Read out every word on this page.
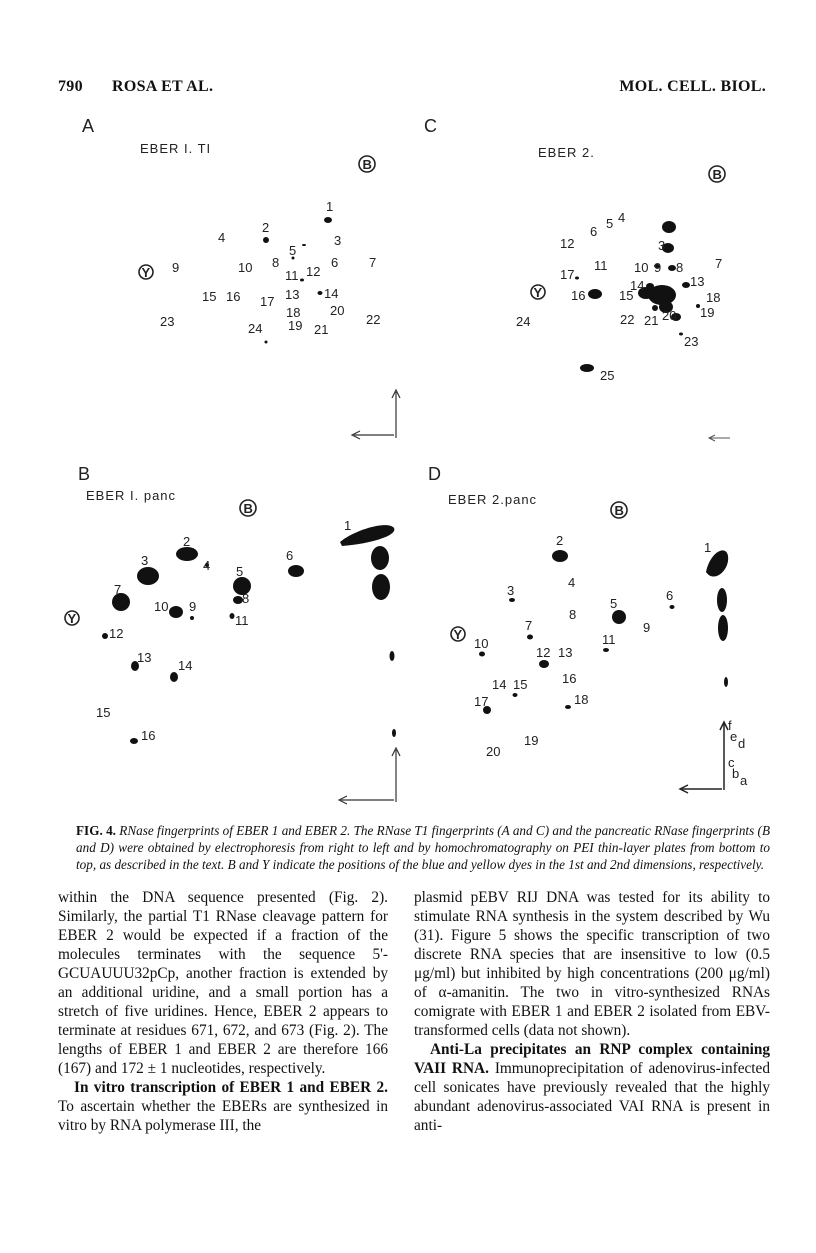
790 ROSA ET AL.	MOL. CELL. BIOL.
A
EBER I. TI
B
Y
1
2
3
4
5
6 7
8
9	10
11 12
13 14
15 16 17
18
19
20
21
22
23	24
C
EBER 2.
B
Y
3
4
5
6
7
8
9
10
11
12
13
14
15
16
17
18
19
20
21
22
23
24
25
B
EBER I. panc
B
Y
1
2
3	4 5
6
7
8
9
10
11
12
13
14
15
16
D
EBER 2.panc
B
Y
1
2
3
4
5
6
7
8
9
10	11
12 13
14 15	16
17	18
19
20
f
e d
c
b a
FIG. 4. RNase fingerprints of EBER 1 and EBER 2. The RNase T1 fingerprints (A and C) and the pancreatic RNase fingerprints (B and D) were obtained by electrophoresis from right to left and by homochromatography on PEI thin-layer plates from bottom to top, as described in the text. B and Y indicate the positions of the blue and yellow dyes in the 1st and 2nd dimensions, respectively.

within the DNA sequence presented (Fig. 2). Similarly, the partial T1 RNase cleavage pattern for EBER 2 would be expected if a fraction of the molecules terminates with the sequence 5'-GCUAUUU32pCp, another fraction is extended by an additional uridine, and a small portion has a stretch of five uridines. Hence, EBER 2 appears to terminate at residues 671, 672, and 673 (Fig. 2). The lengths of EBER 1 and EBER 2 are therefore 166 (167) and 172 ± 1 nucleotides, respectively.

In vitro transcription of EBER 1 and EBER 2. To ascertain whether the EBERs are synthesized in vitro by RNA polymerase III, the

plasmid pEBV RIJ DNA was tested for its ability to stimulate RNA synthesis in the system described by Wu (31). Figure 5 shows the specific transcription of two discrete RNA species that are insensitive to low (0.5 μg/ml) but inhibited by high concentrations (200 μg/ml) of α-amanitin. The two in vitro-synthesized RNAs comigrate with EBER 1 and EBER 2 isolated from EBV-transformed cells (data not shown).

Anti-La precipitates an RNP complex containing VAII RNA. Immunoprecipitation of adenovirus-infected cell sonicates have previously revealed that the highly abundant adenovirus-associated VAI RNA is present in anti-
